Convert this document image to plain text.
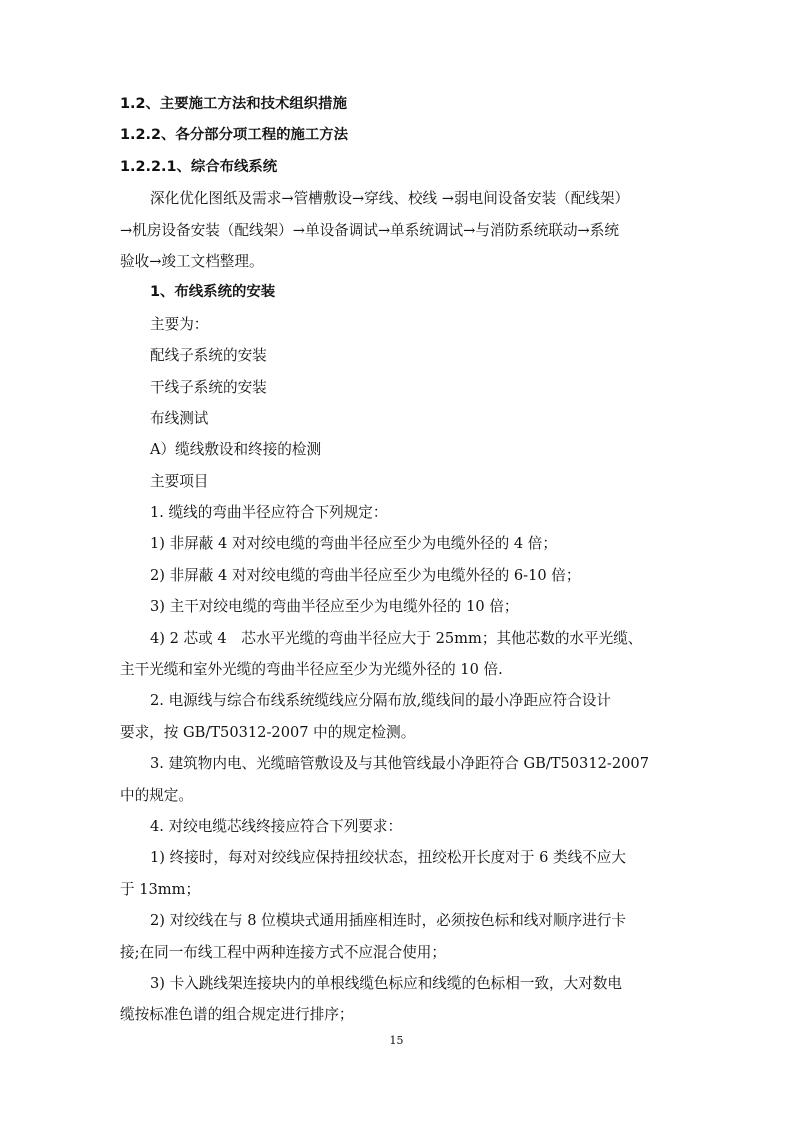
1.2、主要施工方法和技术组织措施
1.2.2、各分部分项工程的施工方法
1.2.2.1、综合布线系统
深化优化图纸及需求→管槽敷设→穿线、校线 →弱电间设备安装（配线架）
→机房设备安装（配线架）→单设备调试→单系统调试→与消防系统联动→系统
验收→竣工文档整理。
1、布线系统的安装
主要为：
配线子系统的安装
干线子系统的安装
布线测试
A）缆线敷设和终接的检测
主要项目
1. 缆线的弯曲半径应符合下列规定：
1) 非屏蔽 4 对对绞电缆的弯曲半径应至少为电缆外径的 4 倍；
2) 非屏蔽 4 对对绞电缆的弯曲半径应至少为电缆外径的 6-10 倍；
3) 主干对绞电缆的弯曲半径应至少为电缆外径的 10 倍；
4) 2 芯或 4　芯水平光缆的弯曲半径应大于 25mm；其他芯数的水平光缆、
主干光缆和室外光缆的弯曲半径应至少为光缆外径的 10 倍.
2. 电源线与综合布线系统缆线应分隔布放,缆线间的最小净距应符合设计
要求，按 GB/T50312-2007 中的规定检测。
3. 建筑物内电、光缆暗管敷设及与其他管线最小净距符合 GB/T50312-2007
中的规定。
4. 对绞电缆芯线终接应符合下列要求：
1) 终接时，每对对绞线应保持扭绞状态，扭绞松开长度对于 6 类线不应大
于 13mm；
2) 对绞线在与 8 位模块式通用插座相连时，必须按色标和线对顺序进行卡
接;在同一布线工程中两种连接方式不应混合使用；
3) 卡入跳线架连接块内的单根线缆色标应和线缆的色标相一致，大对数电
缆按标准色谱的组合规定进行排序；
15
